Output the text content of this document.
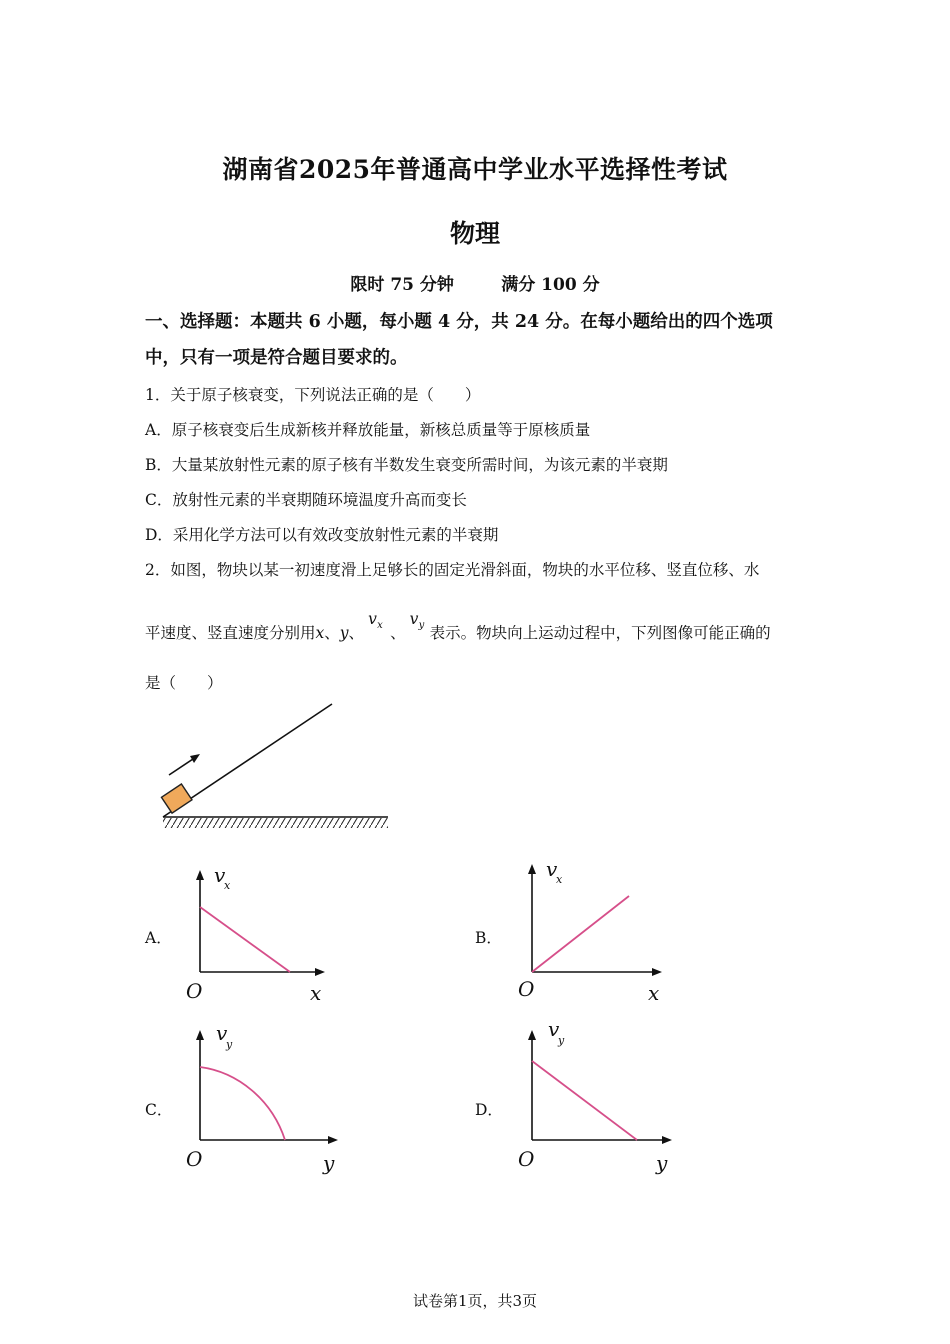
湖南省2025年普通高中学业水平选择性考试
物理
限时 75 分钟	满分 100 分
一、选择题：本题共 6 小题，每小题 4 分，共 24 分。在每小题给出的四个选项
中，只有一项是符合题目要求的。
1．关于原子核衰变，下列说法正确的是（　　）
A．原子核衰变后生成新核并释放能量，新核总质量等于原核质量
B．大量某放射性元素的原子核有半数发生衰变所需时间，为该元素的半衰期
C．放射性元素的半衰期随环境温度升高而变长
D．采用化学方法可以有效改变放射性元素的半衰期
2．如图，物块以某一初速度滑上足够长的固定光滑斜面，物块的水平位移、竖直位移、水
平速度、竖直速度分别用x、y、
v x 、
v y 表示。物块向上运动过程中，下列图像可能正确的
是（　　）
A．	B．
C．	D．
v
x
O	x
v
x
O	x
v
y
O	y
v
y
O	y
试卷第1页，共3页
